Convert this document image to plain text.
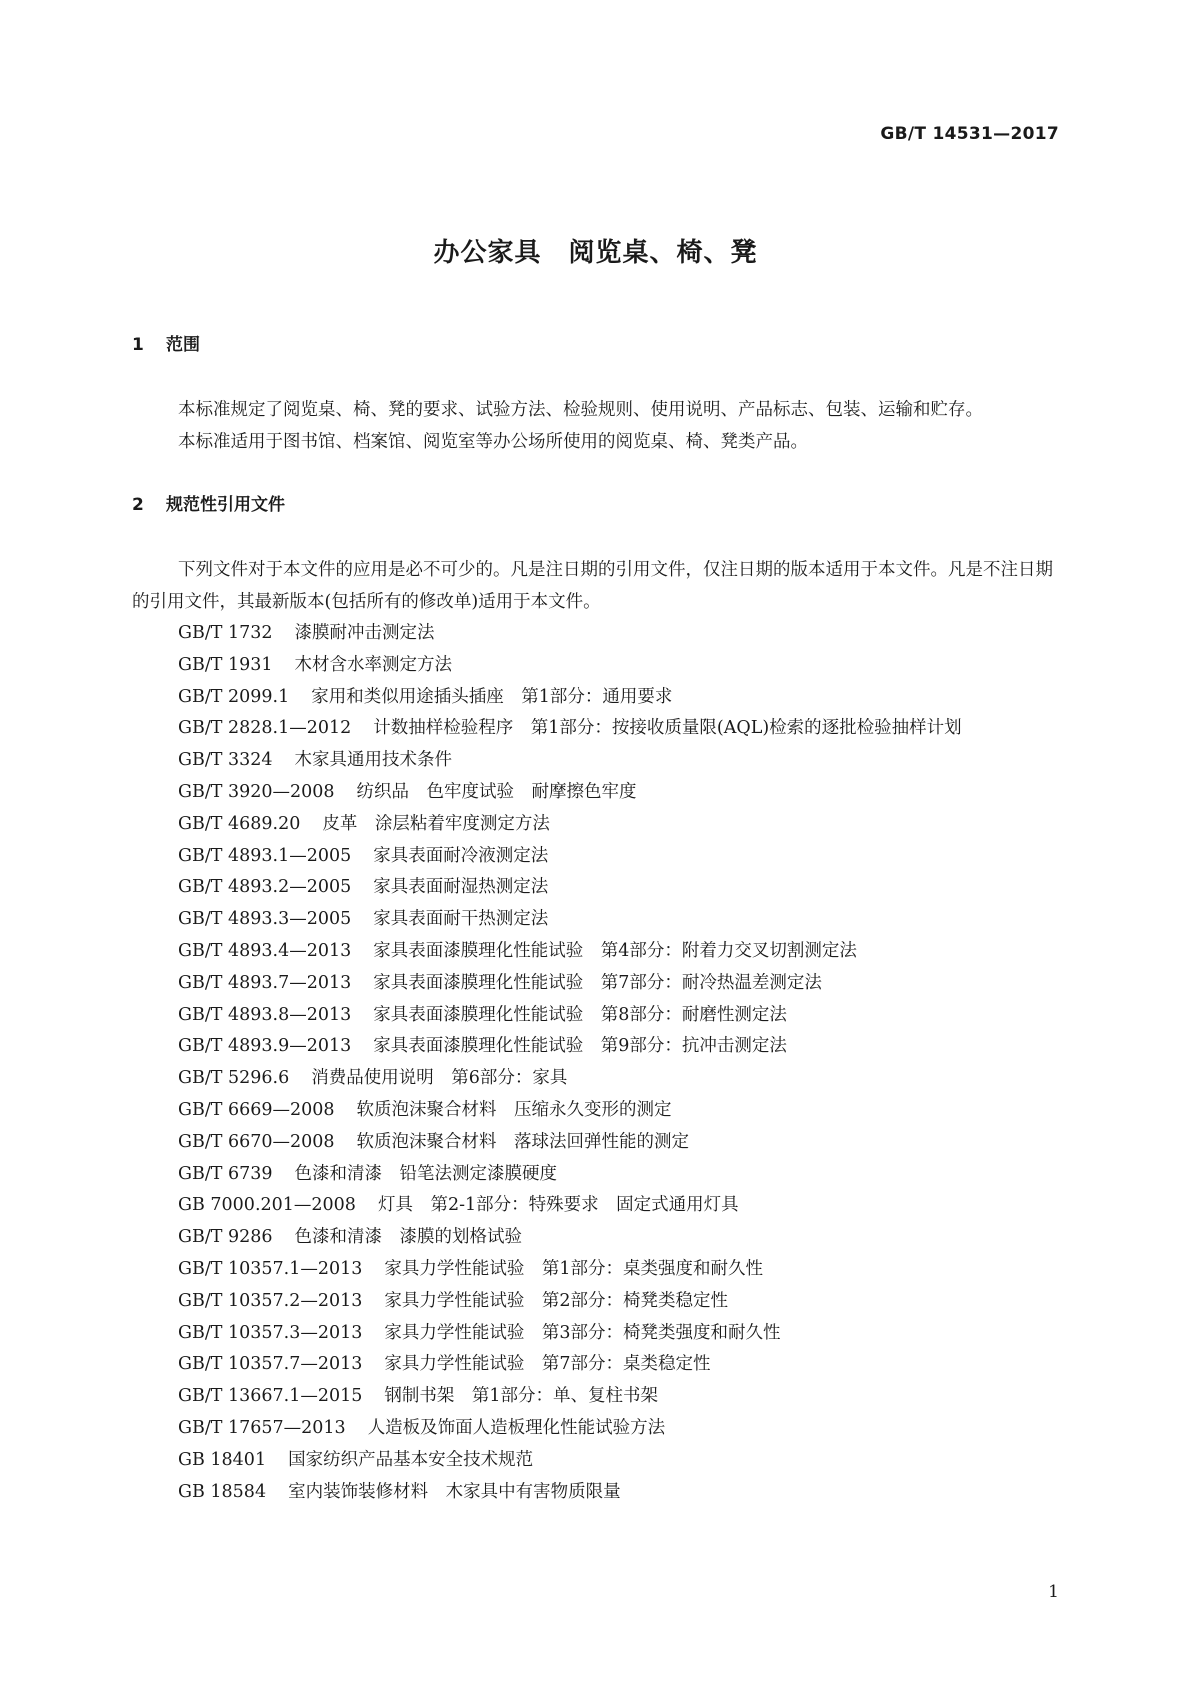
GB/T 14531—2017
办公家具　阅览桌、椅、凳
1 范围

本标准规定了阅览桌、椅、凳的要求、试验方法、检验规则、使用说明、产品标志、包装、运输和贮存。

本标准适用于图书馆、档案馆、阅览室等办公场所使用的阅览桌、椅、凳类产品。

2 规范性引用文件

下列文件对于本文件的应用是必不可少的。凡是注日期的引用文件，仅注日期的版本适用于本文件。凡是不注日期的引用文件，其最新版本(包括所有的修改单)适用于本文件。

GB/T 1732 漆膜耐冲击测定法
GB/T 1931 木材含水率测定方法
GB/T 2099.1 家用和类似用途插头插座　第1部分：通用要求
GB/T 2828.1—2012 计数抽样检验程序　第1部分：按接收质量限(AQL)检索的逐批检验抽样计划
GB/T 3324 木家具通用技术条件
GB/T 3920—2008 纺织品　色牢度试验　耐摩擦色牢度
GB/T 4689.20 皮革　涂层粘着牢度测定方法
GB/T 4893.1—2005 家具表面耐冷液测定法
GB/T 4893.2—2005 家具表面耐湿热测定法
GB/T 4893.3—2005 家具表面耐干热测定法
GB/T 4893.4—2013 家具表面漆膜理化性能试验　第4部分：附着力交叉切割测定法
GB/T 4893.7—2013 家具表面漆膜理化性能试验　第7部分：耐冷热温差测定法
GB/T 4893.8—2013 家具表面漆膜理化性能试验　第8部分：耐磨性测定法
GB/T 4893.9—2013 家具表面漆膜理化性能试验　第9部分：抗冲击测定法
GB/T 5296.6 消费品使用说明　第6部分：家具
GB/T 6669—2008 软质泡沫聚合材料　压缩永久变形的测定
GB/T 6670—2008 软质泡沫聚合材料　落球法回弹性能的测定
GB/T 6739 色漆和清漆　铅笔法测定漆膜硬度
GB 7000.201—2008 灯具　第2-1部分：特殊要求　固定式通用灯具
GB/T 9286 色漆和清漆　漆膜的划格试验
GB/T 10357.1—2013 家具力学性能试验　第1部分：桌类强度和耐久性
GB/T 10357.2—2013 家具力学性能试验　第2部分：椅凳类稳定性
GB/T 10357.3—2013 家具力学性能试验　第3部分：椅凳类强度和耐久性
GB/T 10357.7—2013 家具力学性能试验　第7部分：桌类稳定性
GB/T 13667.1—2015 钢制书架　第1部分：单、复柱书架
GB/T 17657—2013 人造板及饰面人造板理化性能试验方法
GB 18401 国家纺织产品基本安全技术规范
GB 18584 室内装饰装修材料　木家具中有害物质限量
1
